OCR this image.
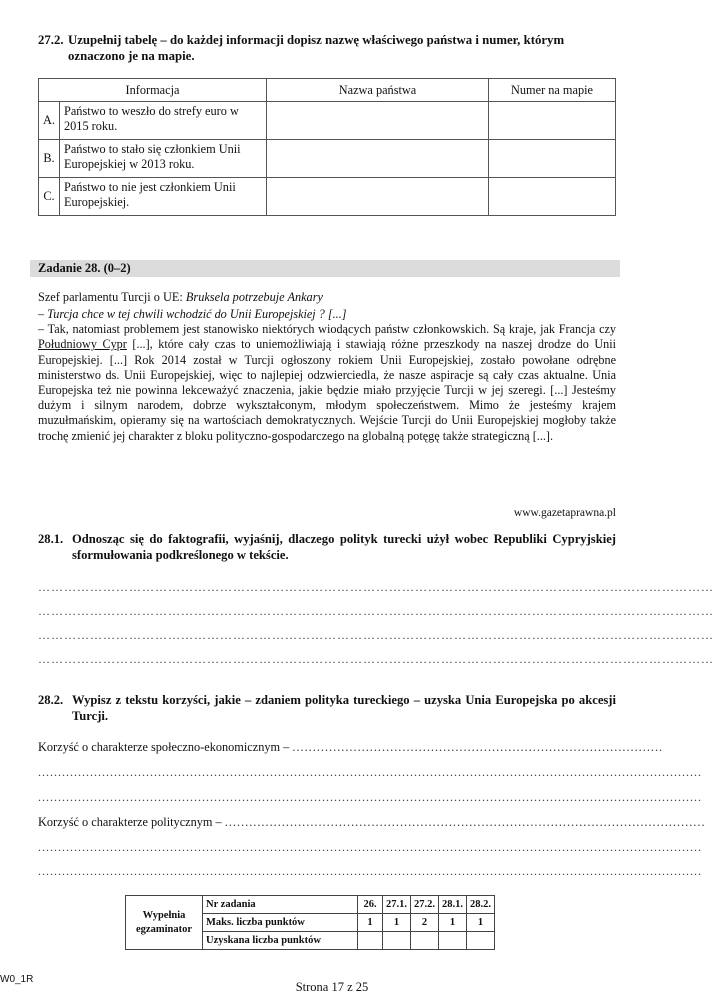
27.2. Uzupełnij tabelę – do każdej informacji dopisz nazwę właściwego państwa i numer, którym oznaczono je na mapie.
Informacja		Nazwa państwa	Numer na mapie
A.	Państwo to weszło do strefy euro w 2015 roku.		
B.	Państwo to stało się członkiem Unii Europejskiej w 2013 roku.		
C.	Państwo to nie jest członkiem Unii Europejskiej.		
Zadanie 28. (0–2)
Szef parlamentu Turcji o UE: Bruksela potrzebuje Ankary

– Turcja chce w tej chwili wchodzić do Unii Europejskiej ? [...]

– Tak, natomiast problemem jest stanowisko niektórych wiodących państw członkowskich. Są kraje, jak Francja czy Południowy Cypr [...], które cały czas to uniemożliwiają i stawiają różne przeszkody na naszej drodze do Unii Europejskiej. [...] Rok 2014 został w Turcji ogłoszony rokiem Unii Europejskiej, zostało powołane odrębne ministerstwo ds. Unii Europejskiej, więc to najlepiej odzwierciedla, że nasze aspiracje są cały czas aktualne. Unia Europejska też nie powinna lekceważyć znaczenia, jakie będzie miało przyjęcie Turcji w jej szeregi. [...] Jesteśmy dużym i silnym narodem, dobrze wykształconym, młodym społeczeństwem. Mimo że jesteśmy krajem muzułmańskim, opieramy się na wartościach demokratycznych. Wejście Turcji do Unii Europejskiej mogłoby także trochę zmienić jej charakter z bloku polityczno-gospodarczego na globalną potęgę także strategiczną [...].

www.gazetaprawna.pl
28.1. Odnosząc się do faktografii, wyjaśnij, dlaczego polityk turecki użył wobec Republiki Cypryjskiej sformułowania podkreślonego w tekście.
…………………………………………………………………………………………………………………………………………
…………………………………………………………………………………………………………………………………………
…………………………………………………………………………………………………………………………………………
…………………………………………………………………………………………………………………………………………
28.2. Wypisz z tekstu korzyści, jakie – zdaniem polityka tureckiego – uzyska Unia Europejska po akcesji Turcji.
Korzyść o charakterze społeczno-ekonomicznym – ...........................................................................................
......................................................................................................................................................................
......................................................................................................................................................................
Korzyść o charakterze politycznym – ......................................................................................................................
......................................................................................................................................................................
......................................................................................................................................................................
Wypełnia egzaminator	Nr zadania	26.	27.1.	27.2.	28.1.	28.2.
	Maks. liczba punktów	1	1	2	1	1
	Uzyskana liczba punktów					
W0_1R
Strona 17 z 25
